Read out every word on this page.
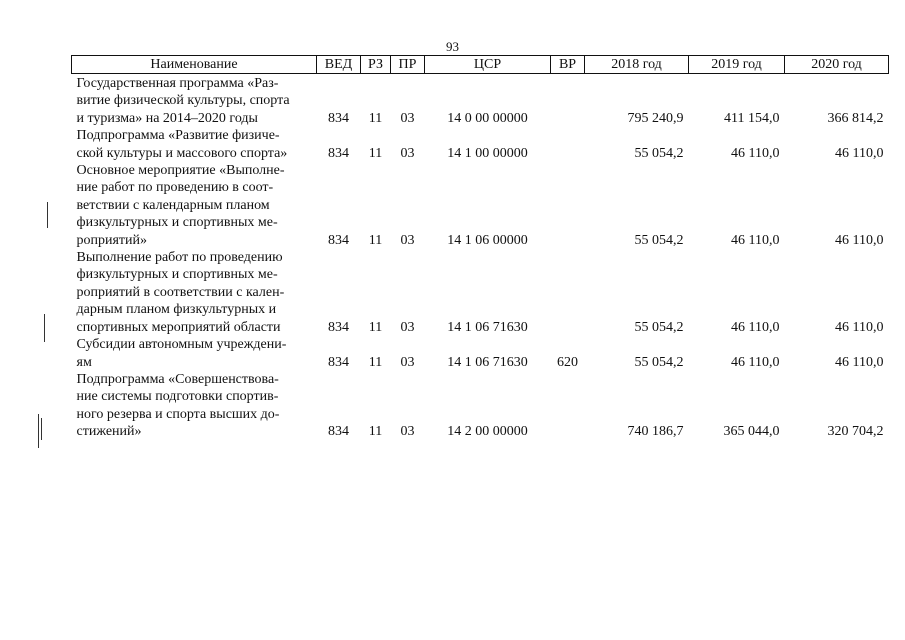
93
Наименование	ВЕД	РЗ	ПР	ЦСР	ВР	2018 год	2019 год	2020 год

Государственная программа «Раз-
витие физической культуры, спорта
и туризма» на 2014–2020 годы	834	11	03	14 0 00 00000		795 240,9	411 154,0	366 814,2

Подпрограмма «Развитие физиче-
ской культуры и массового спорта»	834	11	03	14 1 00 00000		55 054,2	46 110,0	46 110,0

Основное мероприятие «Выполне-
ние работ по проведению в соот-
ветствии с календарным планом
физкультурных и спортивных ме-
роприятий»	834	11	03	14 1 06 00000		55 054,2	46 110,0	46 110,0

Выполнение работ по проведению
физкультурных и спортивных ме-
роприятий в соответствии с кален-
дарным планом физкультурных и
спортивных мероприятий области	834	11	03	14 1 06 71630		55 054,2	46 110,0	46 110,0

Субсидии автономным учреждени-
ям	834	11	03	14 1 06 71630	620	55 054,2	46 110,0	46 110,0

Подпрограмма «Совершенствова-
ние системы подготовки спортив-
ного резерва и спорта высших до-
стижений»	834	11	03	14 2 00 00000		740 186,7	365 044,0	320 704,2
